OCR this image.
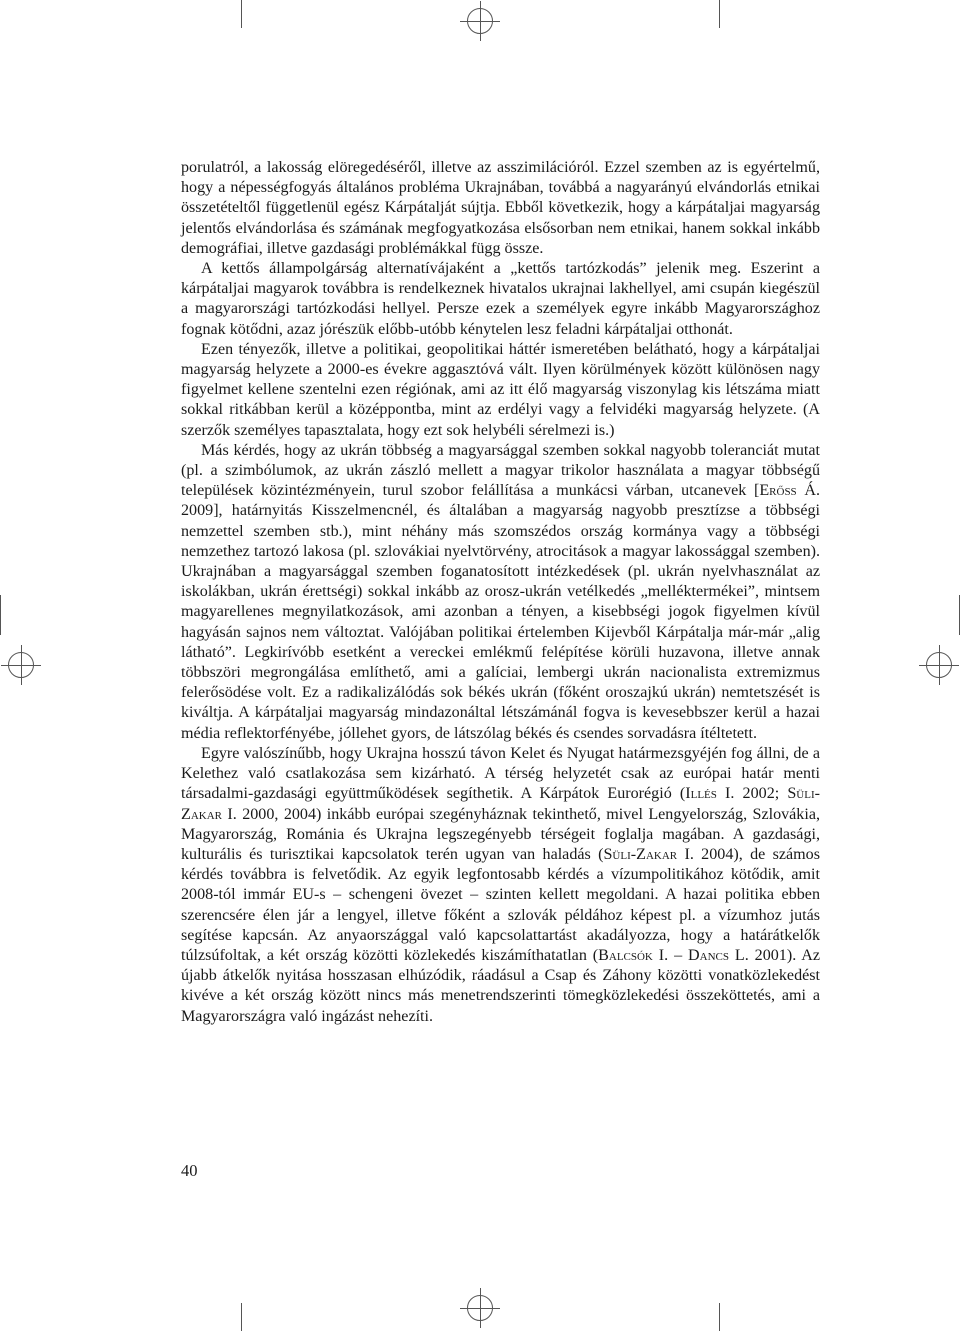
porulatról, a lakosság elöregedéséről, illetve az asszimilációról. Ezzel szemben az is egyértelmű, hogy a népességfogyás általános probléma Ukrajnában, továbbá a nagyarányú elvándorlás etnikai összetételtől függetlenül egész Kárpátalját sújtja. Ebből következik, hogy a kárpátaljai magyarság jelentős elvándorlása és számának megfogyatkozása elsősorban nem etnikai, hanem sokkal inkább demográfiai, illetve gazdasági problémákkal függ össze.

A kettős állampolgárság alternatívájaként a „kettős tartózkodás” jelenik meg. Eszerint a kárpátaljai magyarok továbbra is rendelkeznek hivatalos ukrajnai lakhellyel, ami csupán kiegészül a magyarországi tartózkodási hellyel. Persze ezek a személyek egyre inkább Magyarországhoz fognak kötődni, azaz jórészük előbb-utóbb kénytelen lesz feladni kárpátaljai otthonát.

Ezen tényezők, illetve a politikai, geopolitikai háttér ismeretében belátható, hogy a kárpátaljai magyarság helyzete a 2000-es évekre aggasztóvá vált. Ilyen körülmények között különösen nagy figyelmet kellene szentelni ezen régiónak, ami az itt élő magyarság viszonylag kis létszáma miatt sokkal ritkábban kerül a középpontba, mint az erdélyi vagy a felvidéki magyarság helyzete. (A szerzők személyes tapasztalata, hogy ezt sok helybéli sérelmezi is.)

Más kérdés, hogy az ukrán többség a magyarsággal szemben sokkal nagyobb toleranciát mutat (pl. a szimbólumok, az ukrán zászló mellett a magyar trikolor használata a magyar többségű települések közintézményein, turul szobor felállítása a munkácsi várban, utcanevek [Erőss Á. 2009], határnyitás Kisszelmencnél, és általában a magyarság nagyobb presztízse a többségi nemzettel szemben stb.), mint néhány más szomszédos ország kormánya vagy a többségi nemzethez tartozó lakosa (pl. szlovákiai nyelvtörvény, atrocitások a magyar lakossággal szemben). Ukrajnában a magyarsággal szemben foganatosított intézkedések (pl. ukrán nyelvhasználat az iskolákban, ukrán érettségi) sokkal inkább az orosz-ukrán vetélkedés „melléktermékei”, mintsem magyarellenes megnyilatkozások, ami azonban a tényen, a kisebbségi jogok figyelmen kívül hagyásán sajnos nem változtat. Valójában politikai értelemben Kijevből Kárpátalja már-már „alig látható”. Legkirívóbb esetként a vereckei emlékmű felépítése körüli huzavona, illetve annak többszöri megrongálása említhető, ami a galíciai, lembergi ukrán nacionalista extremizmus felerősödése volt. Ez a radikalizálódás sok békés ukrán (főként oroszajkú ukrán) nemtetszését is kiváltja. A kárpátaljai magyarság mindazonáltal létszámánál fogva is kevesebbszer kerül a hazai média reflektorfényébe, jóllehet gyors, de látszólag békés és csendes sorvadásra ítéltetett.

Egyre valószínűbb, hogy Ukrajna hosszú távon Kelet és Nyugat határmezsgyéjén fog állni, de a Kelethez való csatlakozása sem kizárható. A térség helyzetét csak az európai határ menti társadalmi-gazdasági együttműködések segíthetik. A Kárpátok Eurorégió (Illés I. 2002; Süli-Zakar I. 2000, 2004) inkább európai szegényháznak tekinthető, mivel Lengyelország, Szlovákia, Magyarország, Románia és Ukrajna legszegényebb térségeit foglalja magában. A gazdasági, kulturális és turisztikai kapcsolatok terén ugyan van haladás (Süli-Zakar I. 2004), de számos kérdés továbbra is felvetődik. Az egyik legfontosabb kérdés a vízumpolitikához kötődik, amit 2008-tól immár EU-s – schengeni övezet – szinten kellett megoldani. A hazai politika ebben szerencsére élen jár a lengyel, illetve főként a szlovák példához képest pl. a vízumhoz jutás segítése kapcsán. Az anyaországgal való kapcsolattartást akadályozza, hogy a határátkelők túlzsúfoltak, a két ország közötti közlekedés kiszámíthatatlan (Balcsók I. – Dancs L. 2001). Az újabb átkelők nyitása hosszasan elhúzódik, ráadásul a Csap és Záhony közötti vonatközlekedést kivéve a két ország között nincs más menetrendszerinti tömegközlekedési összeköttetés, ami a Magyarországra való ingázást nehezíti.

40
